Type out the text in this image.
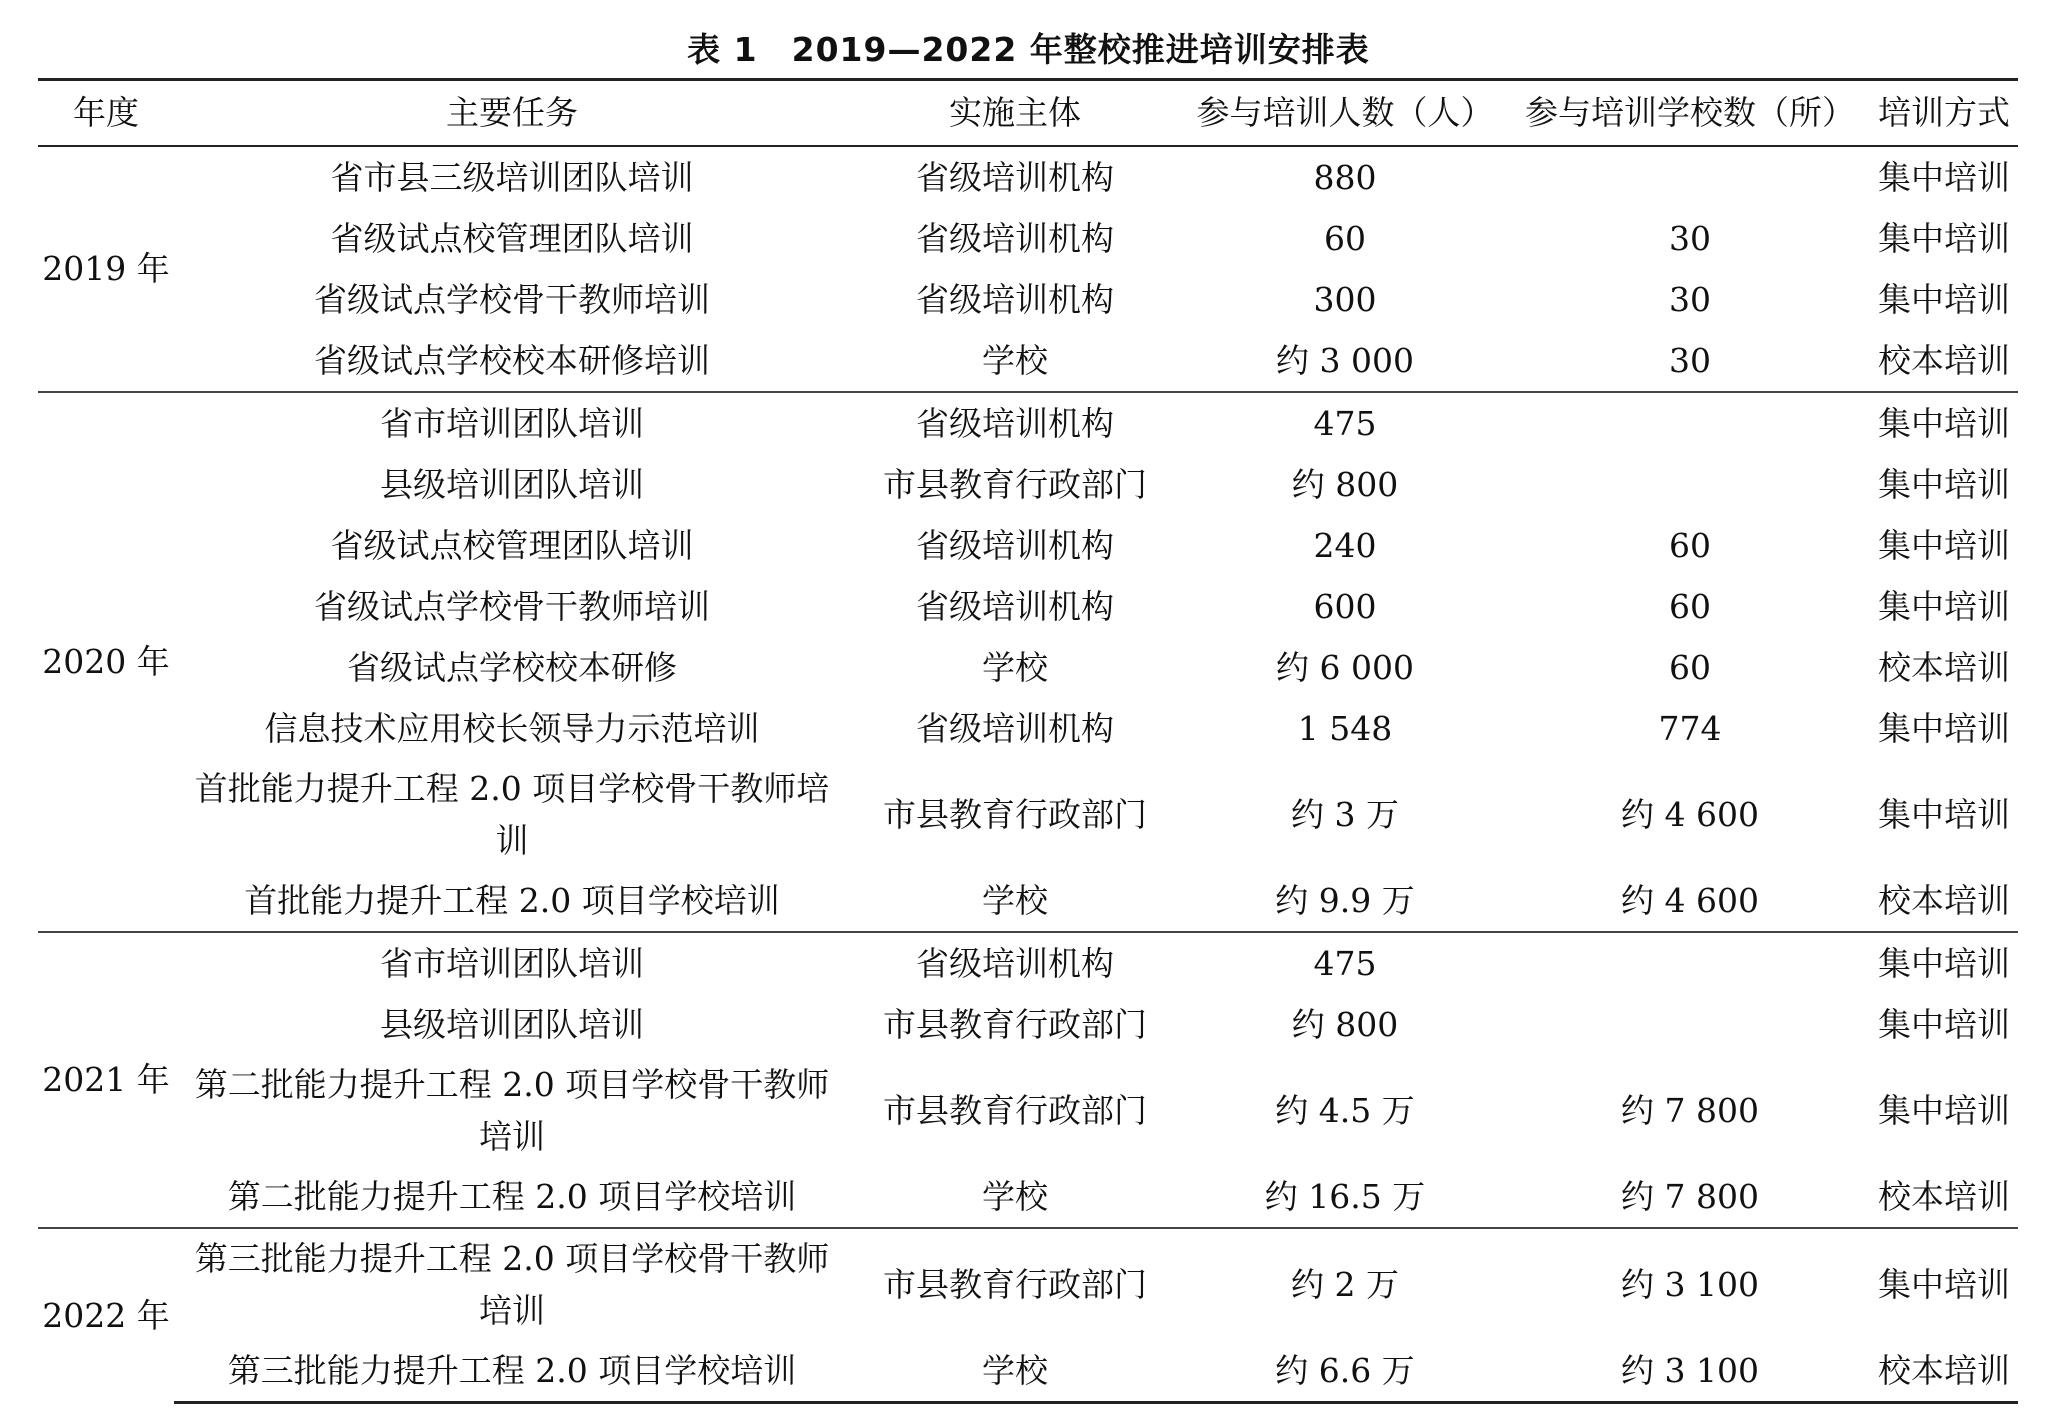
表 1　2019—2022 年整校推进培训安排表
年度	主要任务	实施主体	参与培训人数（人）	参与培训学校数（所）	培训方式
2019 年	省市县三级培训团队培训	省级培训机构	880		集中培训
	省级试点校管理团队培训	省级培训机构	60	30	集中培训
	省级试点学校骨干教师培训	省级培训机构	300	30	集中培训
	省级试点学校校本研修培训	学校	约 3 000	30	校本培训
2020 年	省市培训团队培训	省级培训机构	475		集中培训
	县级培训团队培训	市县教育行政部门	约 800		集中培训
	省级试点校管理团队培训	省级培训机构	240	60	集中培训
	省级试点学校骨干教师培训	省级培训机构	600	60	集中培训
	省级试点学校校本研修	学校	约 6 000	60	校本培训
	信息技术应用校长领导力示范培训	省级培训机构	1 548	774	集中培训
	首批能力提升工程 2.0 项目学校骨干教师培训	市县教育行政部门	约 3 万	约 4 600	集中培训
	首批能力提升工程 2.0 项目学校培训	学校	约 9.9 万	约 4 600	校本培训
2021 年	省市培训团队培训	省级培训机构	475		集中培训
	县级培训团队培训	市县教育行政部门	约 800		集中培训
	第二批能力提升工程 2.0 项目学校骨干教师培训	市县教育行政部门	约 4.5 万	约 7 800	集中培训
	第二批能力提升工程 2.0 项目学校培训	学校	约 16.5 万	约 7 800	校本培训
2022 年	第三批能力提升工程 2.0 项目学校骨干教师培训	市县教育行政部门	约 2 万	约 3 100	集中培训
	第三批能力提升工程 2.0 项目学校培训	学校	约 6.6 万	约 3 100	校本培训
